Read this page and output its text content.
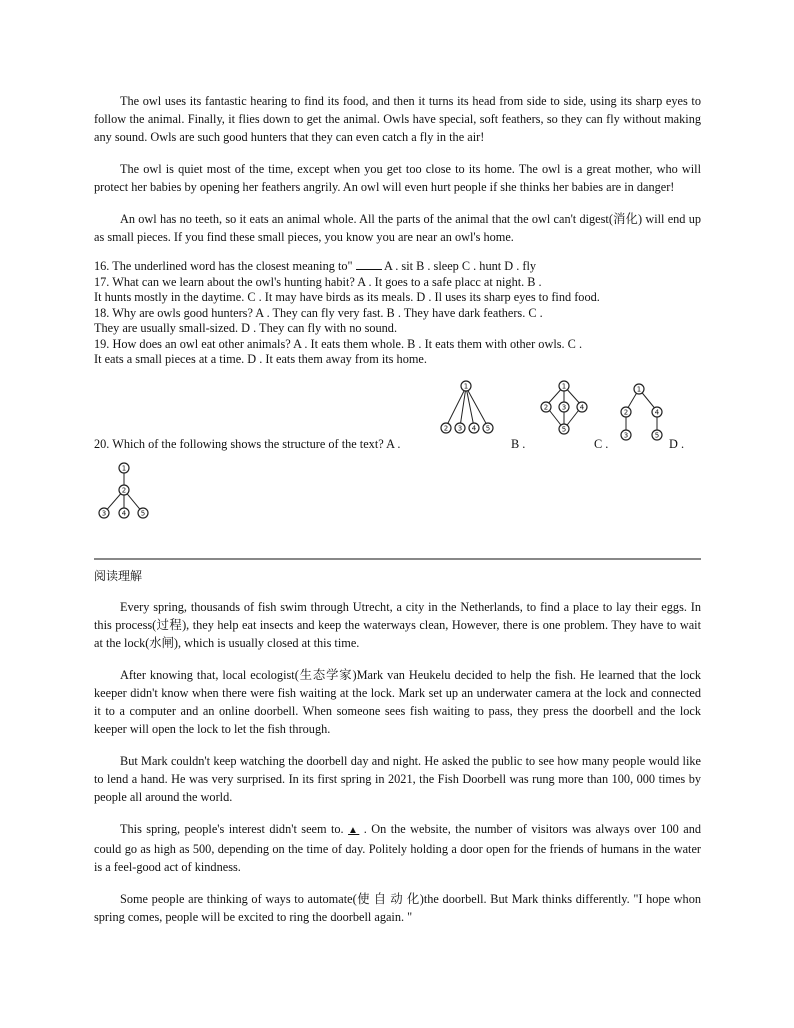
The owl uses its fantastic hearing to find its food, and then it turns its head from side to side, using its sharp eyes to follow the animal. Finally, it flies down to get the animal. Owls have special, soft feathers, so they can fly without making any sound. Owls are such good hunters that they can even catch a fly in the air!

The owl is quiet most of the time, except when you get too close to its home. The owl is a great mother, who will protect her babies by opening her feathers angrily. An owl will even hurt people if she thinks her babies are in danger!

An owl has no teeth, so it eats an animal whole. All the parts of the animal that the owl can't digest(消化) will end up as small pieces. If you find these small pieces, you know you are near an owl's home.

16. The underlined word has the closest meaning to"  A . sit B . sleep C . hunt D . fly

17. What can we learn about the owl's hunting habit? A . It goes to a safe placc at night. B .

It hunts mostly in the daytime. C . It may have birds as its meals. D . Il uses its sharp eyes to find food.

18. Why are owls good hunters? A . They can fly very fast. B . They have dark feathers. C .

They are usually small-sized. D . They can fly with no sound.

19. How does an owl eat other animals? A . It eats them whole. B . It eats them with other owls. C .

It eats a small pieces at a time. D . It eats them away from its home.

1
2 3 4 5
1
2 3 4
5
1
2	4
3	5
20. Which of the following shows the structure of the text? A .	B .	C .	D .
1
2
3 4 5
阅读理解

Every spring, thousands of fish swim through Utrecht, a city in the Netherlands, to find a place to lay their eggs. In this process(过程), they help eat insects and keep the waterways clean, However, there is one problem. They have to wait at the lock(水闸), which is usually closed at this time.

After knowing that, local ecologist(生态学家)Mark van Heukelu decided to help the fish. He learned that the lock keeper didn't know when there were fish waiting at the lock. Mark set up an underwater camera at the lock and connected it to a computer and an online doorbell. When someone sees fish waiting to pass, they press the doorbell and the lock keeper will open the lock to let the fish through.

But Mark couldn't keep watching the doorbell day and night. He asked the public to see how many people would like to lend a hand. He was very surprised. In its first spring in 2021, the Fish Doorbell was rung more than 100, 000 times by people all around the world.

This spring, people's interest didn't seem to. ▲ . On the website, the number of visitors was always over 100 and could go as high as 500, depending on the time of day. Politely holding a door open for the friends of humans in the water is a feel-good act of kindness.

Some people are thinking of ways to automate(使 自 动 化)the doorbell. But Mark thinks differently. "I hope whon spring comes, people will be excited to ring the doorbell again. "
